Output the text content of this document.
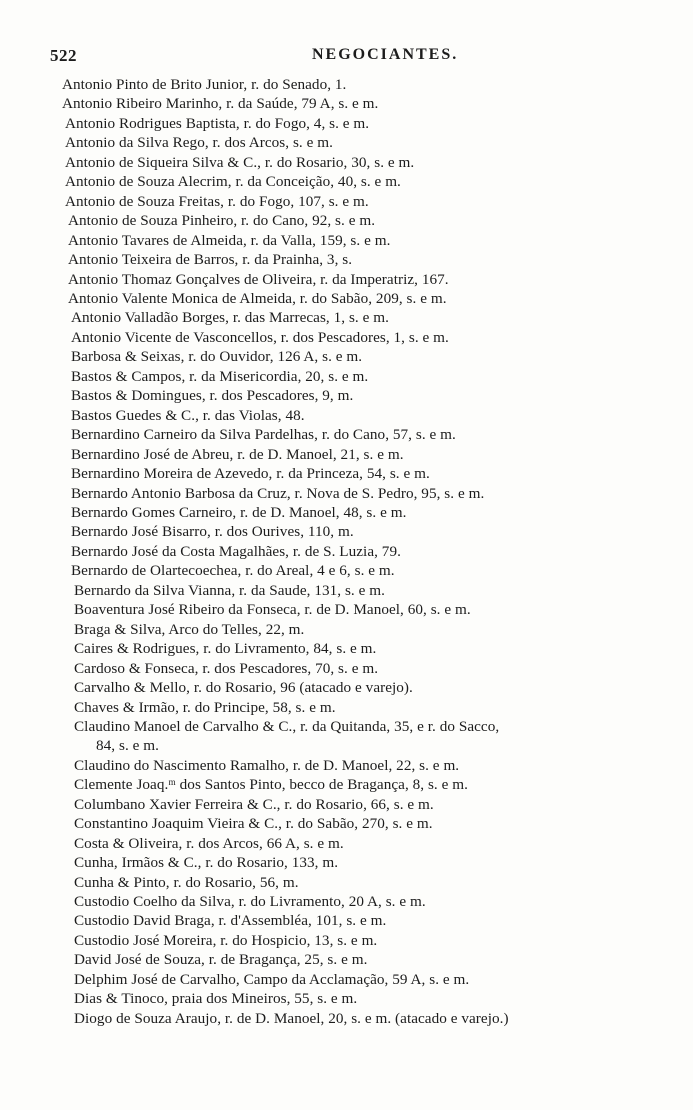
522	NEGOCIANTES.
Antonio Pinto de Brito Junior, r. do Senado, 1.
Antonio Ribeiro Marinho, r. da Saúde, 79 A, s. e m.
Antonio Rodrigues Baptista, r. do Fogo, 4, s. e m.
Antonio da Silva Rego, r. dos Arcos, s. e m.
Antonio de Siqueira Silva & C., r. do Rosario, 30, s. e m.
Antonio de Souza Alecrim, r. da Conceição, 40, s. e m.
Antonio de Souza Freitas, r. do Fogo, 107, s. e m.
Antonio de Souza Pinheiro, r. do Cano, 92, s. e m.
Antonio Tavares de Almeida, r. da Valla, 159, s. e m.
Antonio Teixeira de Barros, r. da Prainha, 3, s.
Antonio Thomaz Gonçalves de Oliveira, r. da Imperatriz, 167.
Antonio Valente Monica de Almeida, r. do Sabão, 209, s. e m.
Antonio Valladão Borges, r. das Marrecas, 1, s. e m.
Antonio Vicente de Vasconcellos, r. dos Pescadores, 1, s. e m.
Barbosa & Seixas, r. do Ouvidor, 126 A, s. e m.
Bastos & Campos, r. da Misericordia, 20, s. e m.
Bastos & Domingues, r. dos Pescadores, 9, m.
Bastos Guedes & C., r. das Violas, 48.
Bernardino Carneiro da Silva Pardelhas, r. do Cano, 57, s. e m.
Bernardino José de Abreu, r. de D. Manoel, 21, s. e m.
Bernardino Moreira de Azevedo, r. da Princeza, 54, s. e m.
Bernardo Antonio Barbosa da Cruz, r. Nova de S. Pedro, 95, s. e m.
Bernardo Gomes Carneiro, r. de D. Manoel, 48, s. e m.
Bernardo José Bisarro, r. dos Ourives, 110, m.
Bernardo José da Costa Magalhães, r. de S. Luzia, 79.
Bernardo de Olartecoechea, r. do Areal, 4 e 6, s. e m.
Bernardo da Silva Vianna, r. da Saude, 131, s. e m.
Boaventura José Ribeiro da Fonseca, r. de D. Manoel, 60, s. e m.
Braga & Silva, Arco do Telles, 22, m.
Caires & Rodrigues, r. do Livramento, 84, s. e m.
Cardoso & Fonseca, r. dos Pescadores, 70, s. e m.
Carvalho & Mello, r. do Rosario, 96 (atacado e varejo).
Chaves & Irmão, r. do Principe, 58, s. e m.
Claudino Manoel de Carvalho & C., r. da Quitanda, 35, e r. do Sacco,
84, s. e m.
Claudino do Nascimento Ramalho, r. de D. Manoel, 22, s. e m.
Clemente Joaq.ᵐ dos Santos Pinto, becco de Bragança, 8, s. e m.
Columbano Xavier Ferreira & C., r. do Rosario, 66, s. e m.
Constantino Joaquim Vieira & C., r. do Sabão, 270, s. e m.
Costa & Oliveira, r. dos Arcos, 66 A, s. e m.
Cunha, Irmãos & C., r. do Rosario, 133, m.
Cunha & Pinto, r. do Rosario, 56, m.
Custodio Coelho da Silva, r. do Livramento, 20 A, s. e m.
Custodio David Braga, r. d'Assembléa, 101, s. e m.
Custodio José Moreira, r. do Hospicio, 13, s. e m.
David José de Souza, r. de Bragança, 25, s. e m.
Delphim José de Carvalho, Campo da Acclamação, 59 A, s. e m.
Dias & Tinoco, praia dos Mineiros, 55, s. e m.
Diogo de Souza Araujo, r. de D. Manoel, 20, s. e m. (atacado e varejo.)
